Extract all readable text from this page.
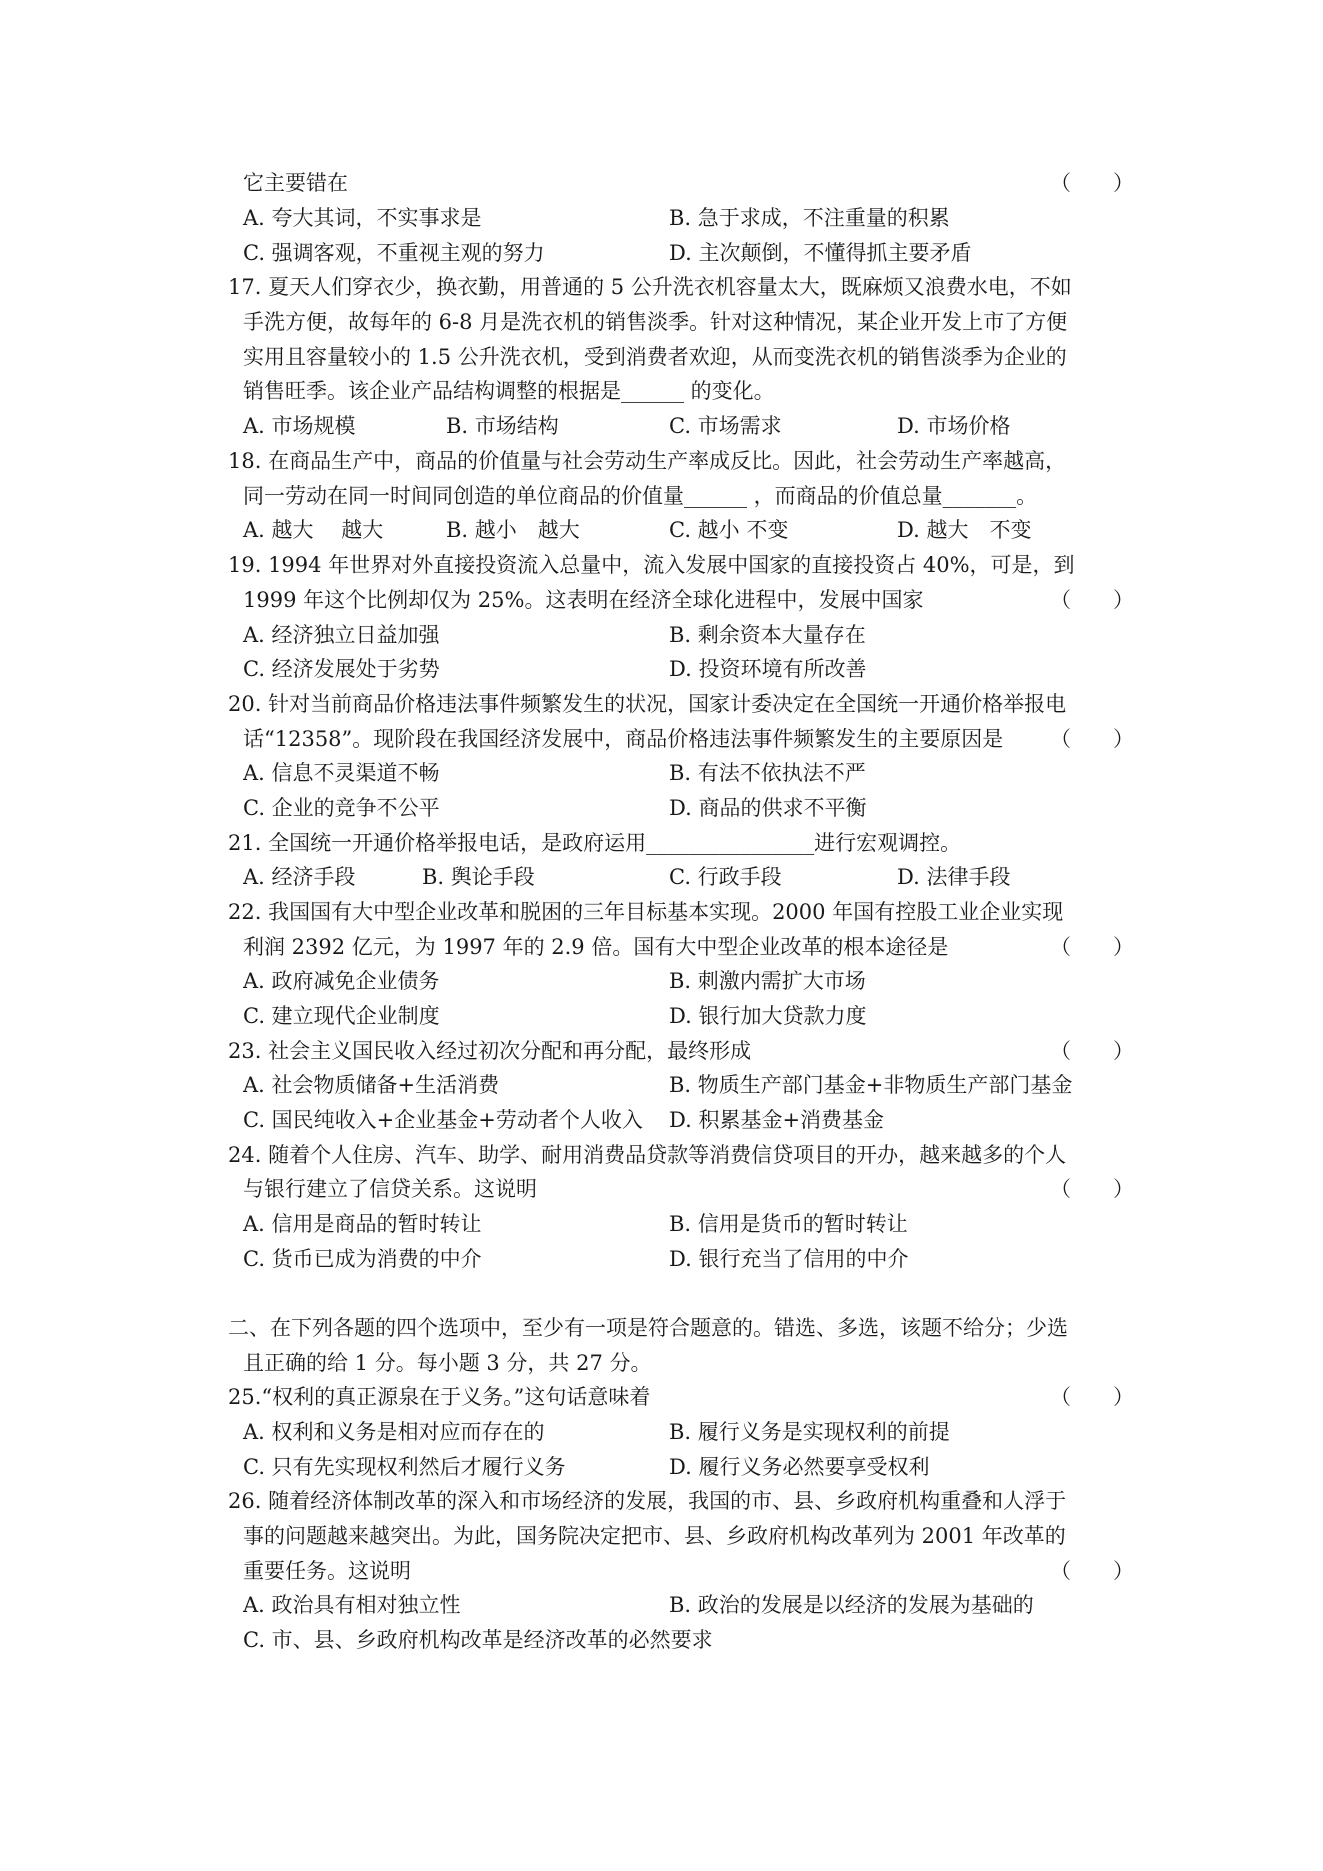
它主要错在	（　　）
A. 夸大其词，不实事求是	B. 急于求成，不注重量的积累
C. 强调客观，不重视主观的努力	D. 主次颠倒，不懂得抓主要矛盾
17. 夏天人们穿衣少，换衣勤，用普通的 5 公升洗衣机容量太大，既麻烦又浪费水电，不如
手洗方便，故每年的 6-8 月是洗衣机的销售淡季。针对这种情况，某企业开发上市了方便
实用且容量较小的 1.5 公升洗衣机，受到消费者欢迎，从而变洗衣机的销售淡季为企业的
销售旺季。该企业产品结构调整的根据是______ 的变化。
A. 市场规模	B. 市场结构	C. 市场需求	D. 市场价格
18. 在商品生产中，商品的价值量与社会劳动生产率成反比。因此，社会劳动生产率越高，
同一劳动在同一时间同创造的单位商品的价值量______ ，而商品的价值总量_______。
A. 越大　 越大	B. 越小　越大	C. 越小 不变	D. 越大　不变
19. 1994 年世界对外直接投资流入总量中，流入发展中国家的直接投资占 40%，可是，到
1999 年这个比例却仅为 25%。这表明在经济全球化进程中，发展中国家	（　　）
A. 经济独立日益加强	B. 剩余资本大量存在
C. 经济发展处于劣势	D. 投资环境有所改善
20. 针对当前商品价格违法事件频繁发生的状况，国家计委决定在全国统一开通价格举报电
话“12358”。现阶段在我国经济发展中，商品价格违法事件频繁发生的主要原因是 （　　）
A. 信息不灵渠道不畅	B. 有法不依执法不严
C. 企业的竞争不公平	D. 商品的供求不平衡
21. 全国统一开通价格举报电话，是政府运用________________进行宏观调控。
A. 经济手段	B. 舆论手段	C. 行政手段	D. 法律手段
22. 我国国有大中型企业改革和脱困的三年目标基本实现。2000 年国有控股工业企业实现
利润 2392 亿元，为 1997 年的 2.9 倍。国有大中型企业改革的根本途径是	（　　）
A. 政府减免企业债务	B. 刺激内需扩大市场
C. 建立现代企业制度	D. 银行加大贷款力度
23. 社会主义国民收入经过初次分配和再分配，最终形成	（　　）
A. 社会物质储备+生活消费	B. 物质生产部门基金+非物质生产部门基金
C. 国民纯收入+企业基金+劳动者个人收入 D. 积累基金+消费基金
24. 随着个人住房、汽车、助学、耐用消费品贷款等消费信贷项目的开办，越来越多的个人
与银行建立了信贷关系。这说明	（　　）
A. 信用是商品的暂时转让	B. 信用是货币的暂时转让
C. 货币已成为消费的中介	D. 银行充当了信用的中介
二、在下列各题的四个选项中，至少有一项是符合题意的。错选、多选，该题不给分；少选
且正确的给 1 分。每小题 3 分，共 27 分。
25.“权利的真正源泉在于义务。”这句话意味着	（　　）
A. 权利和义务是相对应而存在的	B. 履行义务是实现权利的前提
C. 只有先实现权利然后才履行义务	D. 履行义务必然要享受权利
26. 随着经济体制改革的深入和市场经济的发展，我国的市、县、乡政府机构重叠和人浮于
事的问题越来越突出。为此，国务院决定把市、县、乡政府机构改革列为 2001 年改革的
重要任务。这说明	（　　）
A. 政治具有相对独立性	B. 政治的发展是以经济的发展为基础的
C. 市、县、乡政府机构改革是经济改革的必然要求
